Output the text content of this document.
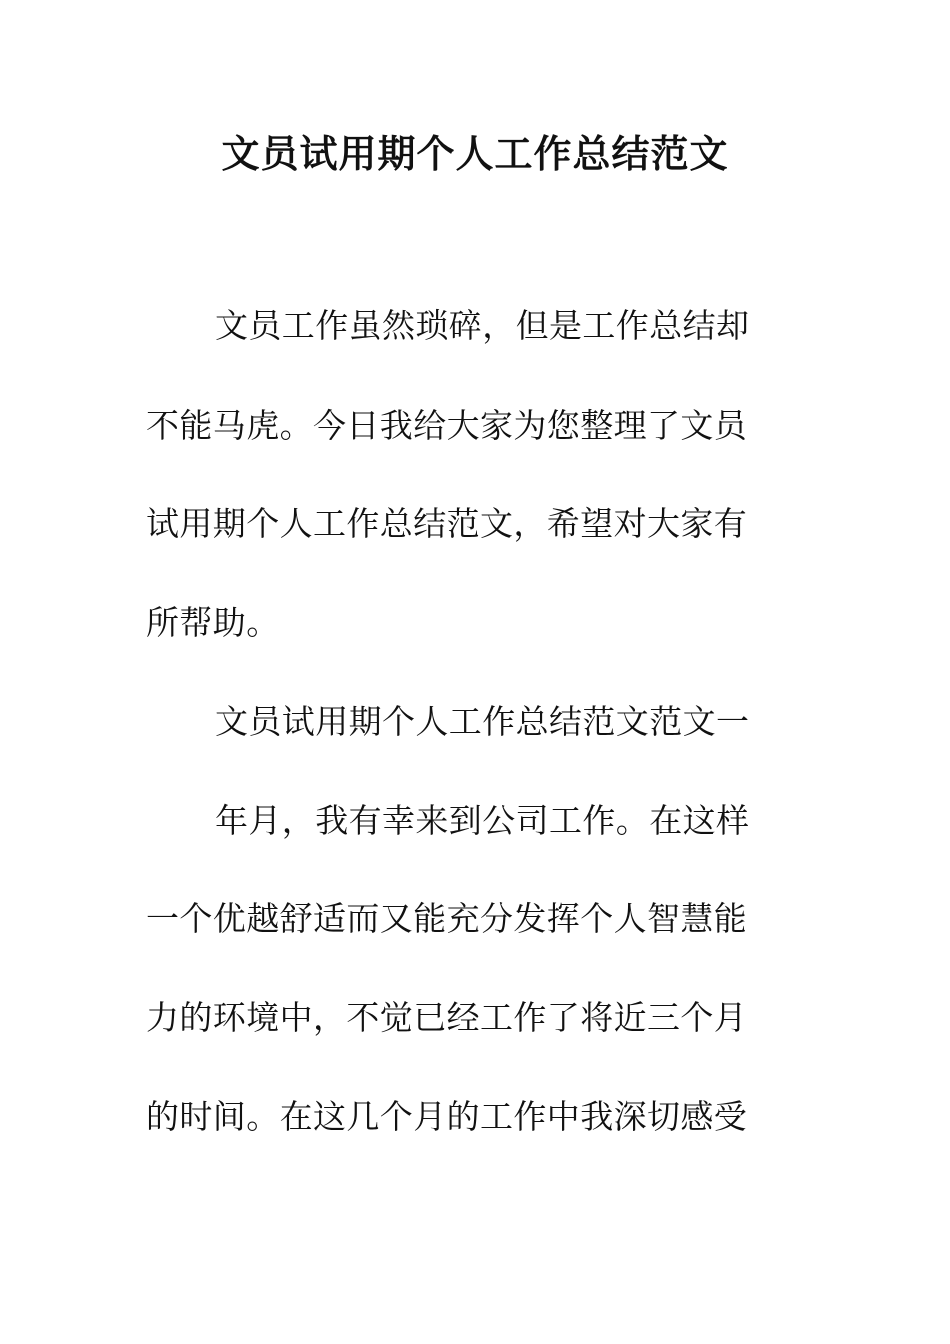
文员试用期个人工作总结范文

文员工作虽然琐碎，但是工作总结却

不能马虎。今日我给大家为您整理了文员

试用期个人工作总结范文，希望对大家有

所帮助。

文员试用期个人工作总结范文范文一

年月，我有幸来到公司工作。在这样

一个优越舒适而又能充分发挥个人智慧能

力的环境中，不觉已经工作了将近三个月

的时间。在这几个月的工作中我深切感受
